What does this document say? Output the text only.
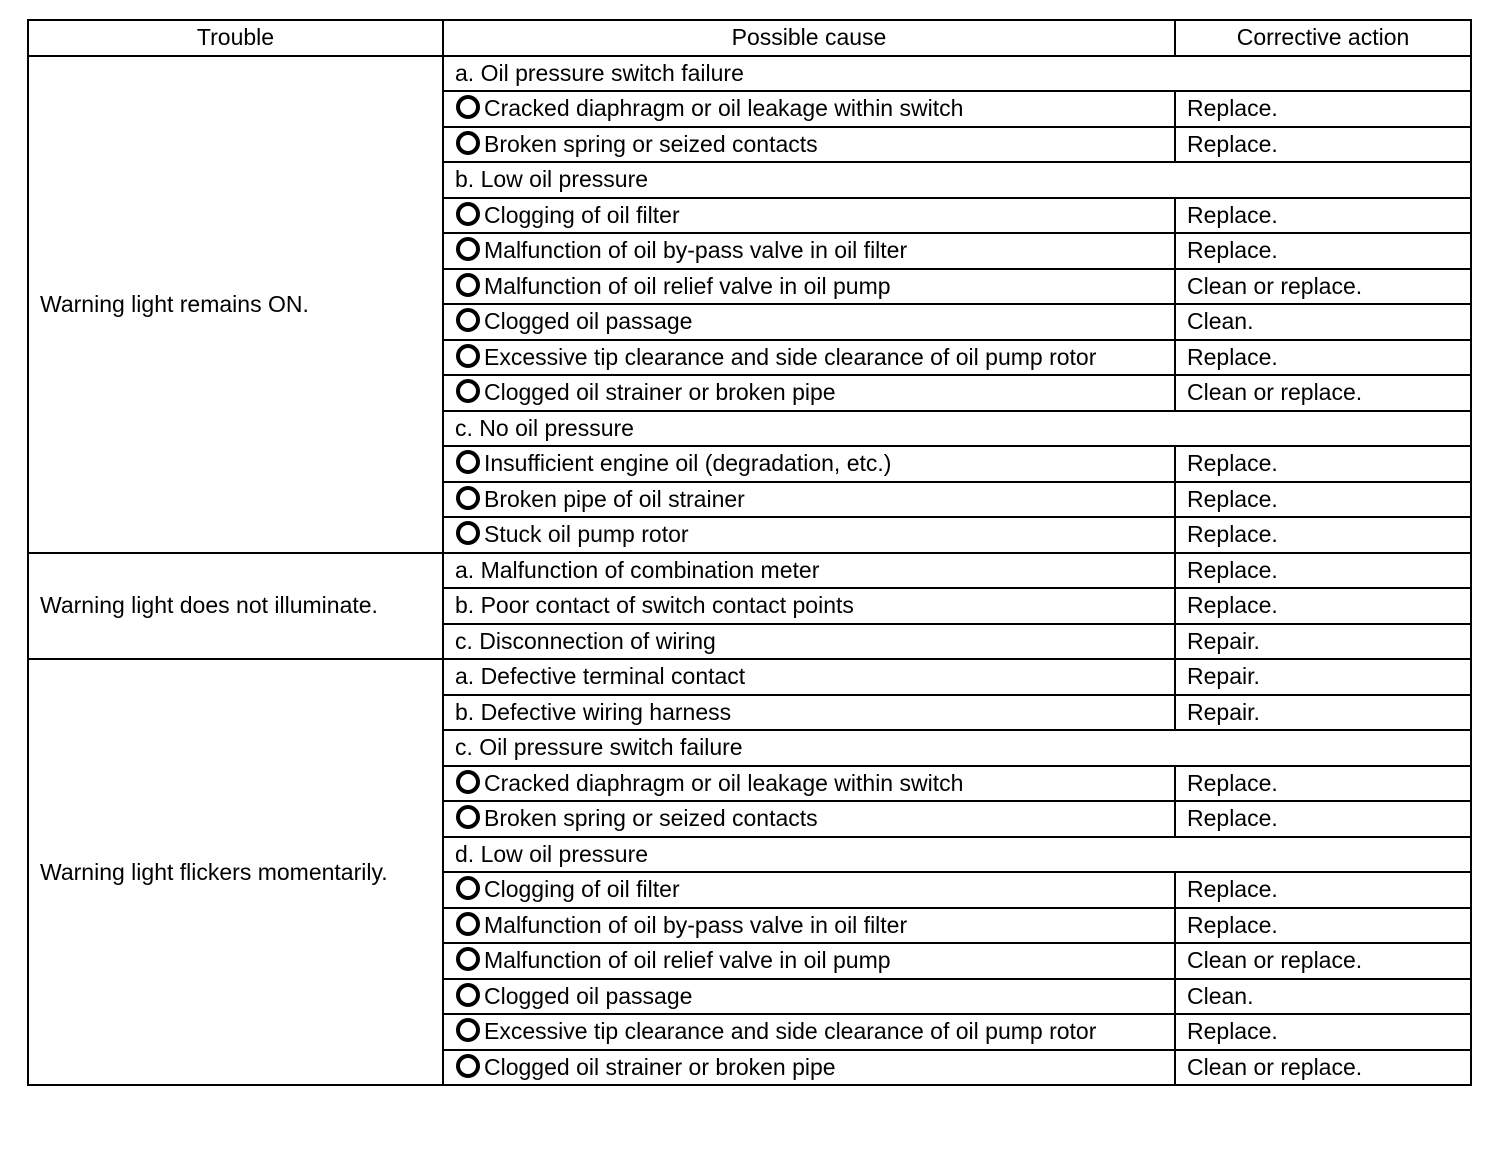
Trouble	Possible cause	Corrective action
Warning light remains ON.	a. Oil pressure switch failure	
	Cracked diaphragm or oil leakage within switch	Replace.
	Broken spring or seized contacts	Replace.
	b. Low oil pressure	
	Clogging of oil filter	Replace.
	Malfunction of oil by-pass valve in oil filter	Replace.
	Malfunction of oil relief valve in oil pump	Clean or replace.
	Clogged oil passage	Clean.
	Excessive tip clearance and side clearance of oil pump rotor	Replace.
	Clogged oil strainer or broken pipe	Clean or replace.
	c. No oil pressure	
	Insufficient engine oil (degradation, etc.)	Replace.
	Broken pipe of oil strainer	Replace.
	Stuck oil pump rotor	Replace.
Warning light does not illuminate.	a. Malfunction of combination meter	Replace.
	b. Poor contact of switch contact points	Replace.
	c. Disconnection of wiring	Repair.
Warning light flickers momentarily.	a. Defective terminal contact	Repair.
	b. Defective wiring harness	Repair.
	c. Oil pressure switch failure	
	Cracked diaphragm or oil leakage within switch	Replace.
	Broken spring or seized contacts	Replace.
	d. Low oil pressure	
	Clogging of oil filter	Replace.
	Malfunction of oil by-pass valve in oil filter	Replace.
	Malfunction of oil relief valve in oil pump	Clean or replace.
	Clogged oil passage	Clean.
	Excessive tip clearance and side clearance of oil pump rotor	Replace.
	Clogged oil strainer or broken pipe	Clean or replace.
